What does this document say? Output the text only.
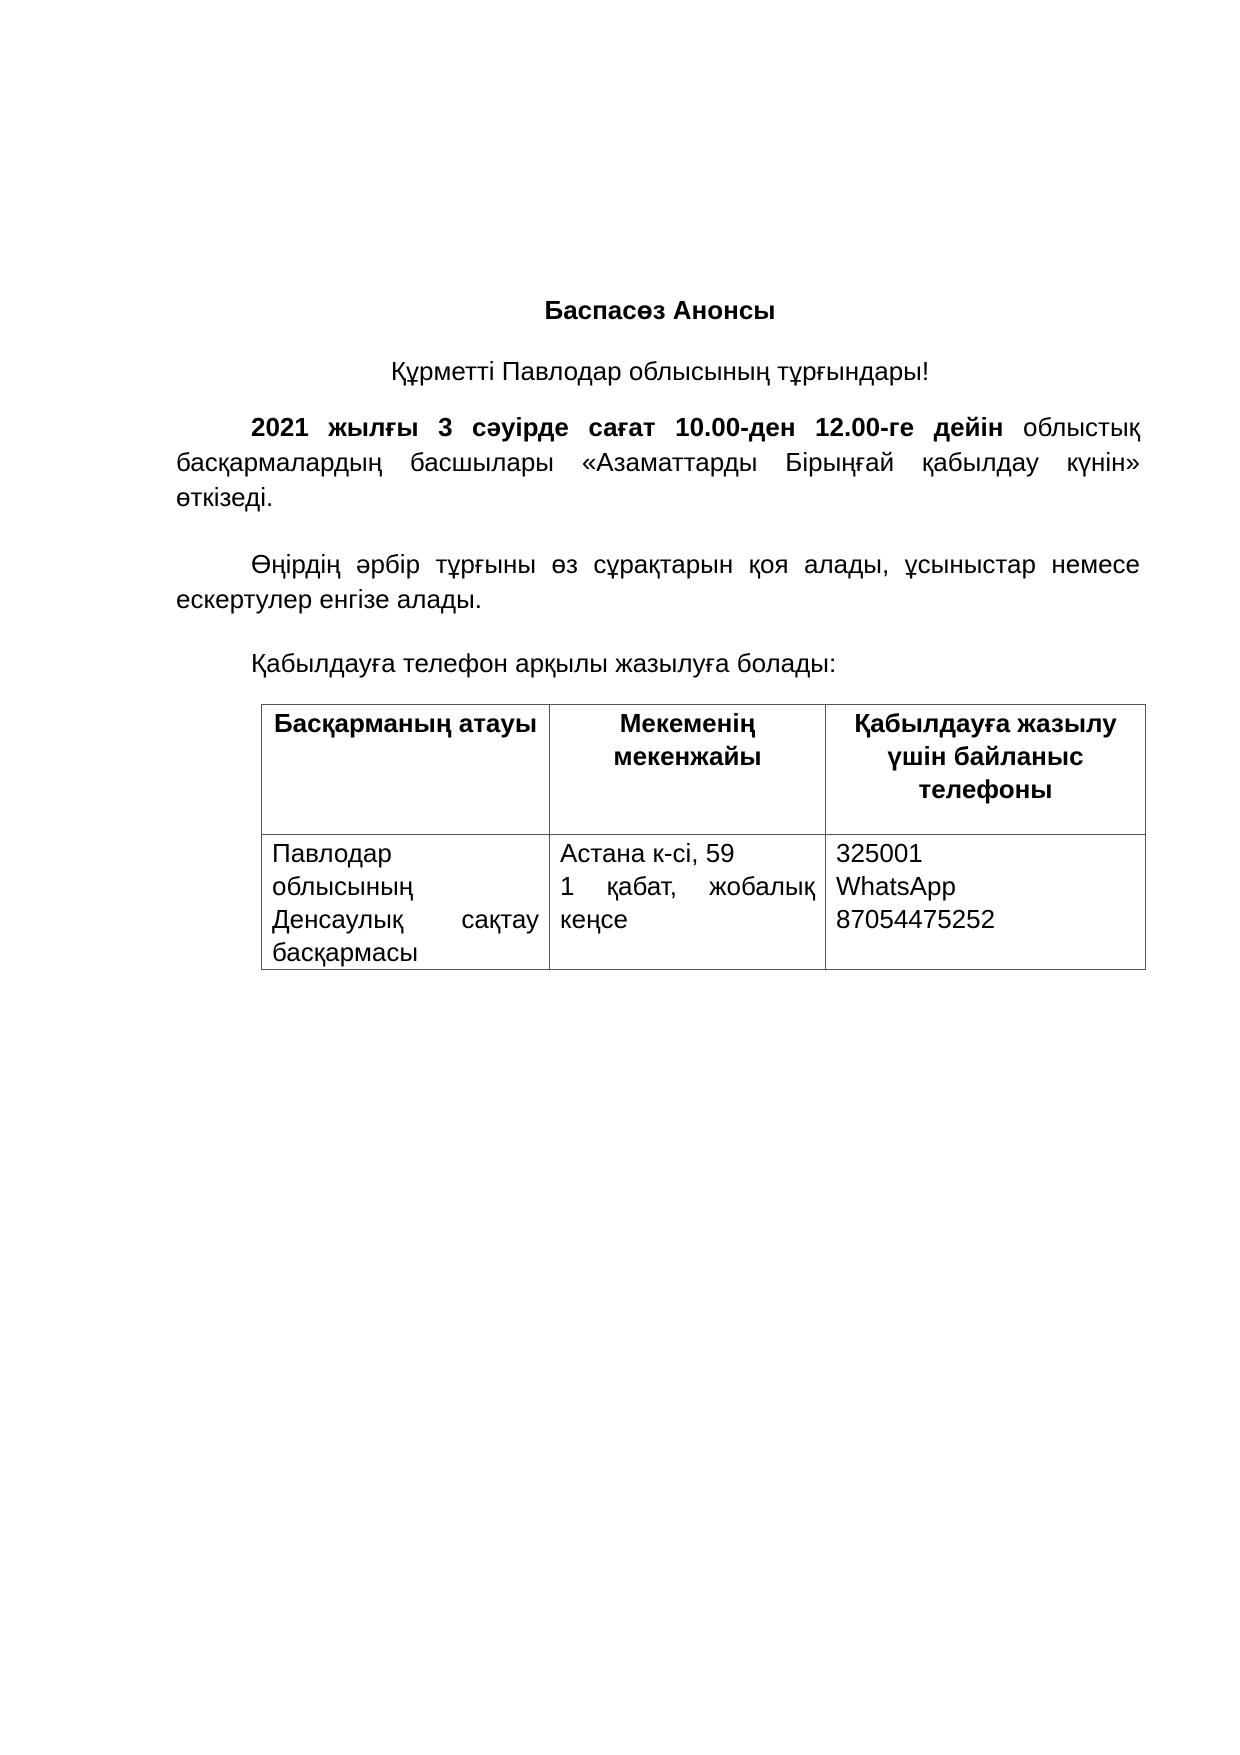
Баспасөз Анонсы
Құрметті Павлодар облысының тұрғындары!

2021 жылғы 3 сәуірде сағат 10.00-ден 12.00-ге дейін облыстық басқармалардың басшылары «Азаматтарды Бірыңғай қабылдау күнін» өткізеді.

Өңірдің әрбір тұрғыны өз сұрақтарын қоя алады, ұсыныстар немесе ескертулер енгізе алады.

Қабылдауға телефон арқылы жазылуға болады:

Басқарманың атауы	Мекеменің мекенжайы	Қабылдауға жазылу үшін байланыс телефоны

Павлодар
облысының
Денсаулық сақтау
басқармасы	Астана к-сі, 59
1 қабат, жобалық
кеңсе	325001
WhatsApp
87054475252
